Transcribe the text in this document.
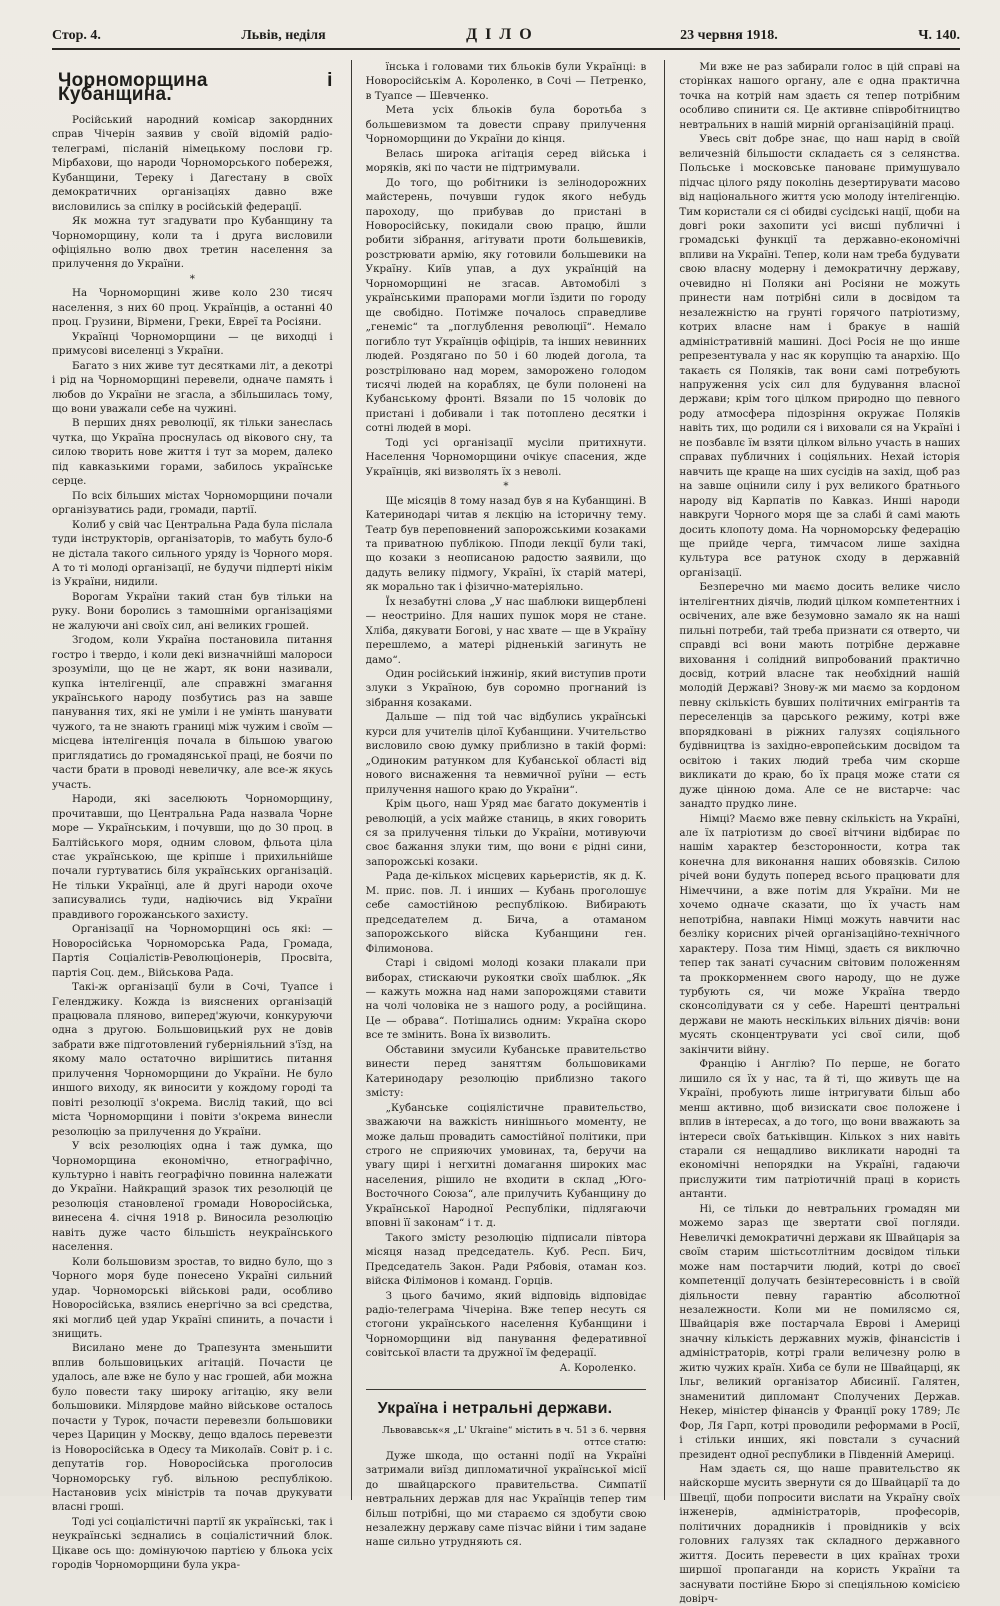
Стор. 4.	Львів, неділя	ДІЛО	23 червня 1918.	Ч. 140.
Чорноморщина і Кубанщина.

Російський народний комісар закорднних справ Чічерін заявив у своїй відомій радіо-телеграмі, післаній німецькому послови гр. Мірбахови, що народи Чорноморського побережя, Кубанщини, Тереку і Дагестану в своїх демократичних організаціях давно вже висловились за спілку в російській федерації.

Як можна тут згадувати про Кубанщину та Чорноморщину, коли та і друга висловили офіціяльно волю двох третин населення за прилучення до України.

*

На Чорноморщині живе коло 230 тисяч населення, з них 60 проц. Українців, а останні 40 проц. Грузини, Вірмени, Греки, Евреї та Росіяни.

Українці Чорноморщини — це виходці і примусові виселенці з України.

Багато з них живе тут десятками літ, а декотрі і рід на Чорноморщині перевели, одначе память і любов до України не згасла, а збільшилась тому, що вони уважали себе на чужині.

В перших днях революції, як тільки занеслась чутка, що Україна проснулась од вікового сну, та силою творить нове життя і тут за морем, далеко під кавказькими горами, забилось українське серце.

По всіх більших містах Чорноморщини почали організуватись ради, громади, партії.

Колиб у свій час Центральна Рада була післала туди інструкторів, організаторів, то мабуть було-б не дістала такого сильного уряду із Чорного моря. А то ті молоді організації, не будучи підперті нікім із України, нидили.

Ворогам України такий стан був тільки на руку. Вони боролись з тамошніми організаціями не жалуючи ані своїх сил, ані великих грошей.

Згодом, коли Україна постановила питання гостро і твердо, і коли декі визначнійші малороси зрозуміли, що це не жарт, як вони називали, купка інтелігенції, але справжні змагання українського народу позбутись раз на завше панування тих, які не уміли і не умінть шанувати чужого, та не знають границі між чужим і своїм — місцева інтелігенція почала в більшою увагою приглядатись до громадянської праці, не боячи по части брати в проводі невеличку, але все-ж якусь участь.

Народи, які заселюють Чорноморщину, прочитавши, що Центральна Рада назвала Чорне море — Українським, і почувши, що до 30 проц. в Балтійського моря, одним словом, фльота ціла стає українською, ще кріпше і прихильнійше почали гуртуватись біля українських організацій. Не тільки Українці, але й другі народи охоче записувались туди, надіючись від України правдивого горожанського захисту.

Організації на Чорноморщині ось які: — Новоросійська Чорноморська Рада, Громада, Партія Соціалістів-Революціонерів, Просвіта, партія Соц. дем., Військова Рада.

Такі-ж організації були в Сочі, Туапсе і Геленджику. Кожда із вияснених організацій працювала пляново, виперед'жуючи, конкуруючи одна з другою. Большовицький рух не довів забрати вже підготовлений губерніяльний з'їзд, на якому мало остаточно вирішитись питання прилучення Чорноморщини до України. Не було иншого виходу, як виносити у кождому городі та повіті резолюції з'окрема. Вислід такий, що всі міста Чорноморщини і повіти з'окрема винесли резолюцію за прилучення до України.

У всіх резолюціях одна і таж думка, що Чорноморщина економічно, етнографічно, культурно і навіть географічно повинна належати до України. Найкращий зразок тих резолюцій це резолюція становленої громади Новоросійська, винесена 4. січня 1918 р. Виносила резолюцію навіть дуже часто більшість неукраїнського населення.

Коли большовизм зростав, то видно було, що з Чорного моря буде понесено Україні сильний удар. Чорноморські військові ради, особливо Новоросійська, взялись енергічно за всі средства, які моглиб цей удар Україні спинить, а почасти і знищить.

Висилано мене до Трапезунта зменьшити вплив большовицьких агітацій. Почасти це удалось, але вже не було у нас грошей, аби можна було повести таку широку агітацію, яку вели большовики. Мілярдове майно військове осталось почасти у Турок, почасти перевезли большовики через Царицин у Москву, дещо вдалось перевезти із Новоросійська в Одесу та Миколаїв. Совіт р. і с. депутатів гор. Новоросійська проголосив Чорноморську губ. вільною республікою. Настановив усіх міністрів та почав друкувати власні гроші.

Тоді усі соціалістичні партії як українські, так і неукраїнські зєднались в соціалістичний блок. Цікаве ось що: домінуючою партією у бльока усіх городів Чорноморщини була укра-

їнська і головами тих бльоків були Українці: в Новоросійськім А. Короленко, в Сочі — Петренко, в Туапсе — Шевченко.

Мета усіх бльоків була боротьба з большевизмом та довести справу прилучення Чорноморщини до України до кінця.

Велась широка агітація серед війська і моряків, які по части не підтримували.

До того, що робітники із зелінодорожних майстерень, почувши гудок якого небудь пароходу, що прибував до пристані в Новоросійську, покидали свою працю, йшли робити зібрання, агітувати проти большевиків, розстрювати армію, яку готовили большевики на Україну. Київ упав, а дух українцій на Чорноморщині не згасав. Автомобілі з українськими прапорами могли їздити по городу ще свобідно. Потімже почалось справедливе „генеміс“ та „поглублення революції“. Немало погибло тут Українців офіцірів, та інших невинних людей. Роздягано по 50 і 60 людей догола, та розстрілювано над морем, заморожено голодом тисячі людей на кораблях, це були полонені на Кубанському фронті. Вязали по 15 чоловік до пристані і добивали і так потоплено десятки і сотні людей в морі.

Тоді усі організації мусіли притихнути. Населення Чорноморщини очікує спасения, жде Українців, які визволять їх з неволі.

*

Ще місяців 8 тому назад був я на Кубанщині. В Катеринодарі читав я лєкцію на історичну тему. Театр був переповнений запорожськими козаками та приватною публікою. Пподи лекції були такі, що козаки з неописаною радостю заявили, що дадуть велику підмогу, Україні, їх старій матері, як морально так і фізично-матеріяльно.

Їх незабутні слова „У нас шаблюки вищерблені — неостриіно. Для наших пушок моря не стане. Хліба, дякувати Богові, у нас хвате — ще в Україну перешлемо, а матері рідненькій загинуть не дамо“.

Один російський інжинір, який виступив проти злуки з Україною, був соромно прогнаний із зібрання козаками.

Дальше — під той час відбулись українські курси для учителів цілої Кубанщини. Учительство висловило свою думку приблизно в такій формі: „Одиноким ратунком для Кубанської області від нового виснаження та невмичної руїни — есть прилучення нашого краю до України“.

Крім цього, наш Уряд має багато документів і революцій, а усіх майже станиць, в яких говорить ся за прилучення тільки до України, мотивуючи своє бажання злуки тим, що вони є рідні сини, запорожські козаки.

Рада де-кількох місцевих карьеристів, як д. К. М. прис. пов. Л. і инших — Кубань проголошує себе самостійною республікою. Вибирають председателем д. Бича, а отаманом запорожського війска Кубанщини ген. Філимонова.

Старі і свідомі молоді козаки плакали при виборах, стискаючи рукоятки своїх шаблюк. „Як — кажуть можна над нами запорожцями ставити на чолі чоловіка не з нашого роду, а російщина. Це — обрава“. Потішались одним: Україна скоро все те змінить. Вона їх визволить.

Обставини змусили Кубанське правительство винести перед заняттям большовиками Катеринодару резолюцію приблизно такого змісту:

„Кубанське соціялістичне правительство, зважаючи на важкість нинішнього моменту, не може дальш провадить самостійної політики, при строго не сприяючих умовинах, та, беручи на увагу щирі і негхитні домагання широких мас населения, рішило не входити в склад „Юго-Восточного Союза“, але прилучить Кубанщину до Української Народної Республіки, підлягаючи вповні її законам“ і т. д.

Такого змісту резолюцію підписали півтора місяця назад председатель. Куб. Респ. Бич, Председатель Закон. Ради Рябовія, отаман коз. війска Філімонов і команд. Горців.

З цього бачимо, який відповідь відповідає радіо-телеграма Чічеріна. Вже тепер несуть ся стогони українського населення Кубанщини і Чорноморщини від панування федеративної совітської власти та дружної їм федерації.

А. Короленко.

Україна і нетральні держави.

Львовавськ«я „L' Ukraine“ містить в ч. 51 з 6. червня оттсе статю:

Дуже шкода, що останні події на Україні затримали виїзд дипломатичної української місії до швайцарского правительства. Симпатії невтральних держав для нас Українців тепер тим більш потрібні, що ми стараємо ся здобути свою незалежну державу саме пізчас війни і тим задане наше сильно утрудняють ся.

Ми вже не раз забирали голос в цій справі на сторінках нашого органу, але є одна практична точка на котрій нам здаєть ся тепер потрібним особливо спинити ся. Це активне співробітництво невтральних в нашій мирній організаційній праці.

Увесь світ добре знає, що наш нарід в своїй величезній більшости складаєть ся з селянства. Польське і московське панованє примушувало підчас цілого ряду поколінь дезертирувати масово від національного життя усю молоду інтелігенцію. Тим користали ся сі обидві сусідські нації, щоби на довгі роки захопити усі висші публичні і громадські функції та державно-економічні впливи на Україні. Тепер, коли нам треба будувати свою власну модерну і демократичну державу, очевидно ні Поляки ані Росіяни не можуть принести нам потрібні сили в досвідом та незалежністю на грунті горячого патріотизму, котрих власне нам і бракує в нашій адміністративній машині. Досі Росія не що инше репрезентувала у нас як корупцію та анархію. Що такаєть ся Поляків, так вони самі потребують напруження усіх сил для будування власної держави; крім того цілком природно що певного роду атмосфера підозріння окружає Поляків навіть тих, що родили ся і виховали ся на Україні і не позбавлє їм взяти цілком вільно участь в наших справах публичних і соціяльних. Нехай історія навчить ще краще на ших сусідів на захід, щоб раз на завше оцінили силу і рух великого братнього народу від Карпатів по Кавказ. Инші народи навкруги Чорного моря ще за слабі й самі мають досить клопоту дома. На чорноморську федерацію ще прийде черга, тимчасом лише західна культура все ратунок сходу в державній організації.

Безперечно ми маємо досить велике число інтелігентних діячів, людий цілком компетентних і освічених, але вже безумовно замало як на наші пильні потреби, тай треба признати ся отверто, чи справді всі вони мають потрібне державне виховання і солідний випробований практично досвід, котрий власне так необхідний нашій молодій Державі? Знову-ж ми маємо за кордоном певну скількість бувших політичних емігрантів та переселенців за царського режиму, котрі вже впорядковані в ріжних галузях соціяльного будівництва із західно-европейським досвідом та освітою і таких людий треба чим скорше викликати до краю, бо їх праця може стати ся дуже цінною дома. Але се не вистарче: час занадто прудко лине.

Німці? Маємо вже певну скількість на Україні, але їх патріотизм до своєї вітчини відбирає по нашім характер безсторонности, котра так конечна для виконання наших обовязків. Силою річей вони будуть поперед всього працювати для Німеччини, а вже потім для України. Ми не хочемо одначе сказати, що їх участь нам непотрібна, навпаки Німці можуть навчити нас безліку корисних річей організаційно-технічного характеру. Поза тим Німці, здаєть ся виключно тепер так занаті сучасним світовим положенням та проккорменнем свого народу, що не дуже турбують ся, чи може Україна твердо сконсолідувати ся у себе. Нарешті центральні держави не мають нескільких вільних діячів: вони мусять сконцентрувати усі свої сили, щоб закінчити війну.

Францію і Англію? По перше, не богато лишило ся їх у нас, та й ті, що живуть ще на Україні, пробують лише інтригувати більш або менш активно, щоб визискати своє положене і вплив в інтересах, а до того, що вони вважають за інтереси своїх батьківщин. Кількох з них навіть старали ся нещадливо викликати народні та економічні непорядки на Україні, гадаючи прислужити тим патріотичній праці в користь антанти.

Ні, се тільки до невтральних громадян ми можемо зараз ще звертати свої погляди. Невеличкі демократичні держави як Швайцарія за своїм старим шістьсотлітним досвідом тільки може нам постарчити людий, котрі до своєї компетенції долучать безінтересовність і в своїй діяльности певну гарантію абсолютної незалежности. Коли ми не помилясмо ся, Швайцарія вже постарчала Еврові і Америці значну кількість державних мужів, фінансістів і адміністраторів, котрі грали величезну ролю в житю чужих країн. Хиба се були не Швайцарці, як Ільг, великий організатор Абисинії. Галятен, знаменитий дипломант Сполучених Держав. Некер, міністер фінансів у Франції року 1789; Лє Фор, Ля Гарп, котрі проводили реформами в Росії, і стільки инших, які повстали з сучасний президент одної республики в Південній Америці.

Нам здаєть ся, що наше правительство як найскорше мусить звернути ся до Швайцарії та до Швеції, щоби попросити вислати на Україну своїх інженерів, адміністраторів, професорів, політичних дорадників і провідників у всіх головних галузях так складного державного життя. Досить перевести в цих країнах трохи ширшої пропаганди на користь України та заснувати постійне Бюро зі спеціяльною комісією довірч-
